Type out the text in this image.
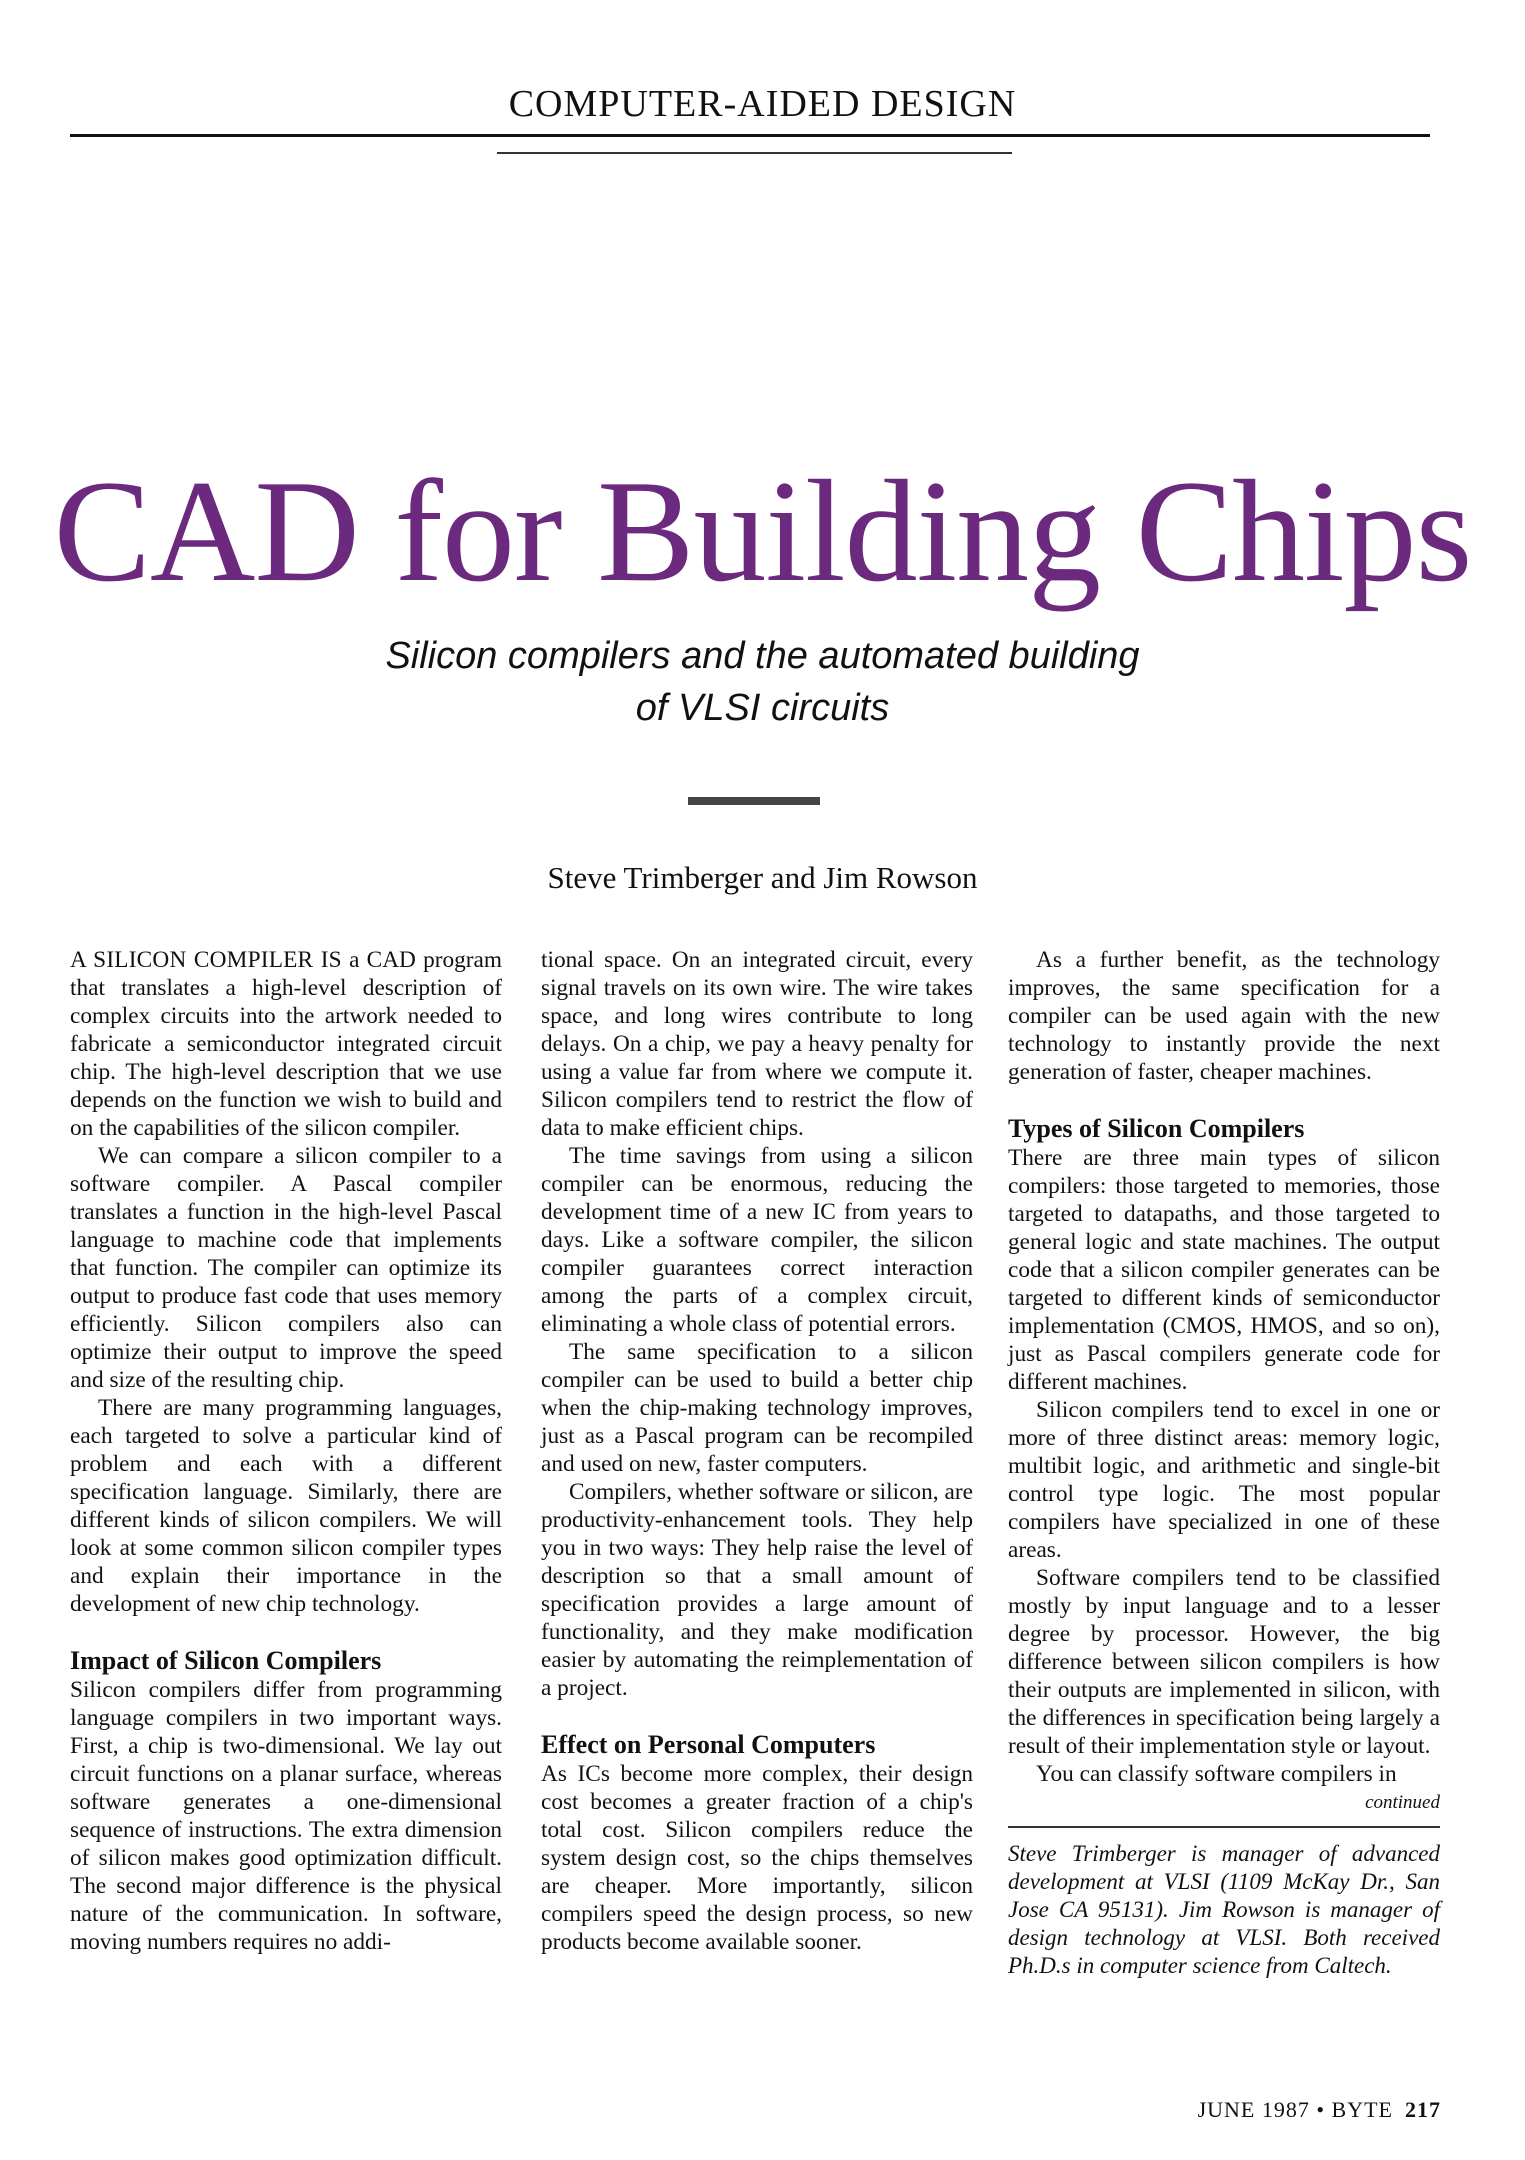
COMPUTER-AIDED DESIGN
CAD for Building Chips
Silicon compilers and the automated building
of VLSI circuits
Steve Trimberger and Jim Rowson

A SILICON COMPILER IS a CAD program that translates a high-level description of complex circuits into the artwork needed to fabricate a semiconductor integrated circuit chip. The high-level description that we use depends on the function we wish to build and on the capabilities of the silicon compiler.

We can compare a silicon compiler to a software compiler. A Pascal compiler translates a function in the high-level Pascal language to machine code that implements that function. The compiler can optimize its output to produce fast code that uses memory efficiently. Silicon compilers also can optimize their output to improve the speed and size of the resulting chip.

There are many programming languages, each targeted to solve a particular kind of problem and each with a different specification language. Similarly, there are different kinds of silicon compilers. We will look at some common silicon compiler types and explain their importance in the development of new chip technology.

Impact of Silicon Compilers

Silicon compilers differ from programming language compilers in two important ways. First, a chip is two-dimensional. We lay out circuit functions on a planar surface, whereas software generates a one-dimensional sequence of instructions. The extra dimension of silicon makes good optimization difficult. The second major difference is the physical nature of the communication. In software, moving numbers requires no addi-

tional space. On an integrated circuit, every signal travels on its own wire. The wire takes space, and long wires contribute to long delays. On a chip, we pay a heavy penalty for using a value far from where we compute it. Silicon compilers tend to restrict the flow of data to make efficient chips.

The time savings from using a silicon compiler can be enormous, reducing the development time of a new IC from years to days. Like a software compiler, the silicon compiler guarantees correct interaction among the parts of a complex circuit, eliminating a whole class of potential errors.

The same specification to a silicon compiler can be used to build a better chip when the chip-making technology improves, just as a Pascal program can be recompiled and used on new, faster computers.

Compilers, whether software or silicon, are productivity-enhancement tools. They help you in two ways: They help raise the level of description so that a small amount of specification provides a large amount of functionality, and they make modification easier by automating the reimplementation of a project.

Effect on Personal Computers

As ICs become more complex, their design cost becomes a greater fraction of a chip's total cost. Silicon compilers reduce the system design cost, so the chips themselves are cheaper. More importantly, silicon compilers speed the design process, so new products become available sooner.

As a further benefit, as the technology improves, the same specification for a compiler can be used again with the new technology to instantly provide the next generation of faster, cheaper machines.

Types of Silicon Compilers

There are three main types of silicon compilers: those targeted to memories, those targeted to datapaths, and those targeted to general logic and state machines. The output code that a silicon compiler generates can be targeted to different kinds of semiconductor implementation (CMOS, HMOS, and so on), just as Pascal compilers generate code for different machines.

Silicon compilers tend to excel in one or more of three distinct areas: memory logic, multibit logic, and arithmetic and single-bit control type logic. The most popular compilers have specialized in one of these areas.

Software compilers tend to be classified mostly by input language and to a lesser degree by processor. However, the big difference between silicon compilers is how their outputs are implemented in silicon, with the differences in specification being largely a result of their implementation style or layout.

You can classify software compilers in

continued
Steve Trimberger is manager of advanced development at VLSI (1109 McKay Dr., San Jose CA 95131). Jim Rowson is manager of design technology at VLSI. Both received Ph.D.s in computer science from Caltech.
JUNE 1987 • BYTE 217
